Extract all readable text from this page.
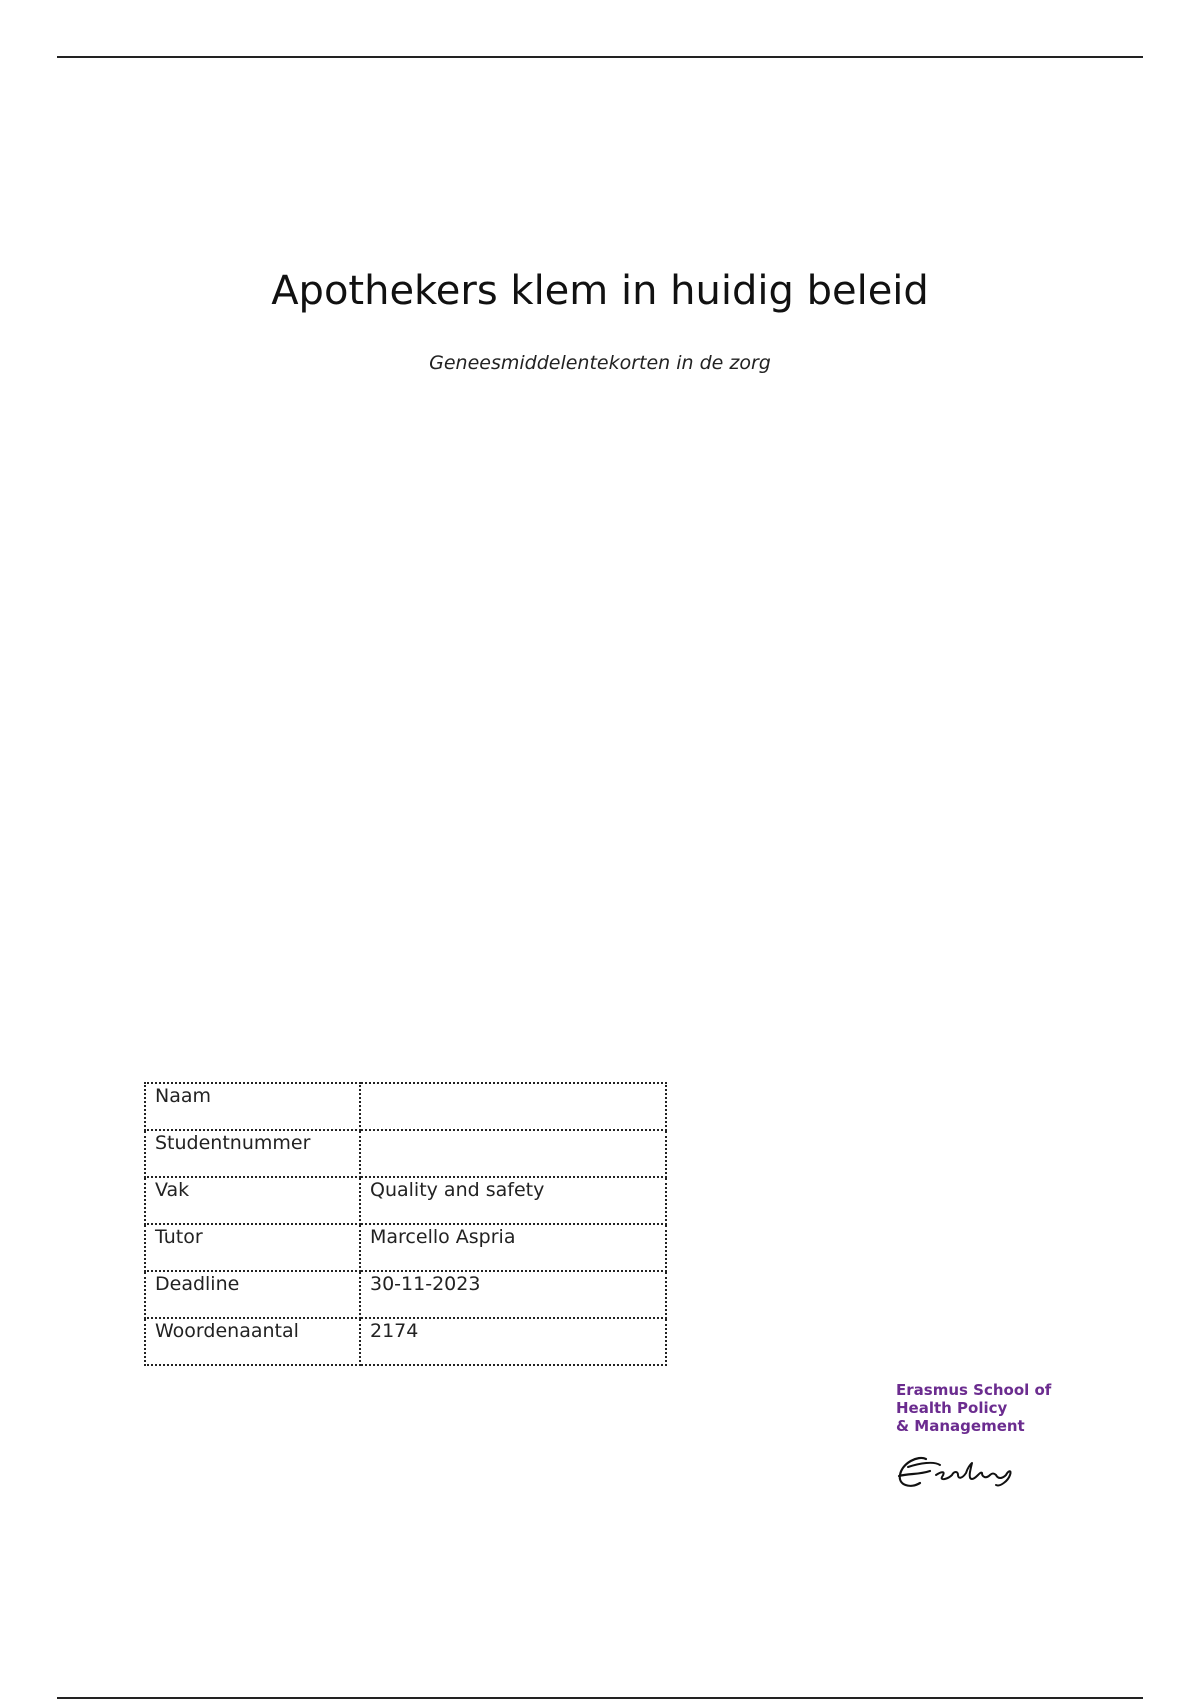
Apothekers klem in huidig beleid

Geneesmiddelentekorten in de zorg

Naam	
Studentnummer	
Vak	Quality and safety
Tutor	Marcello Aspria
Deadline	30-11-2023
Woordenaantal	2174
Erasmus School of
Health Policy
& Management
